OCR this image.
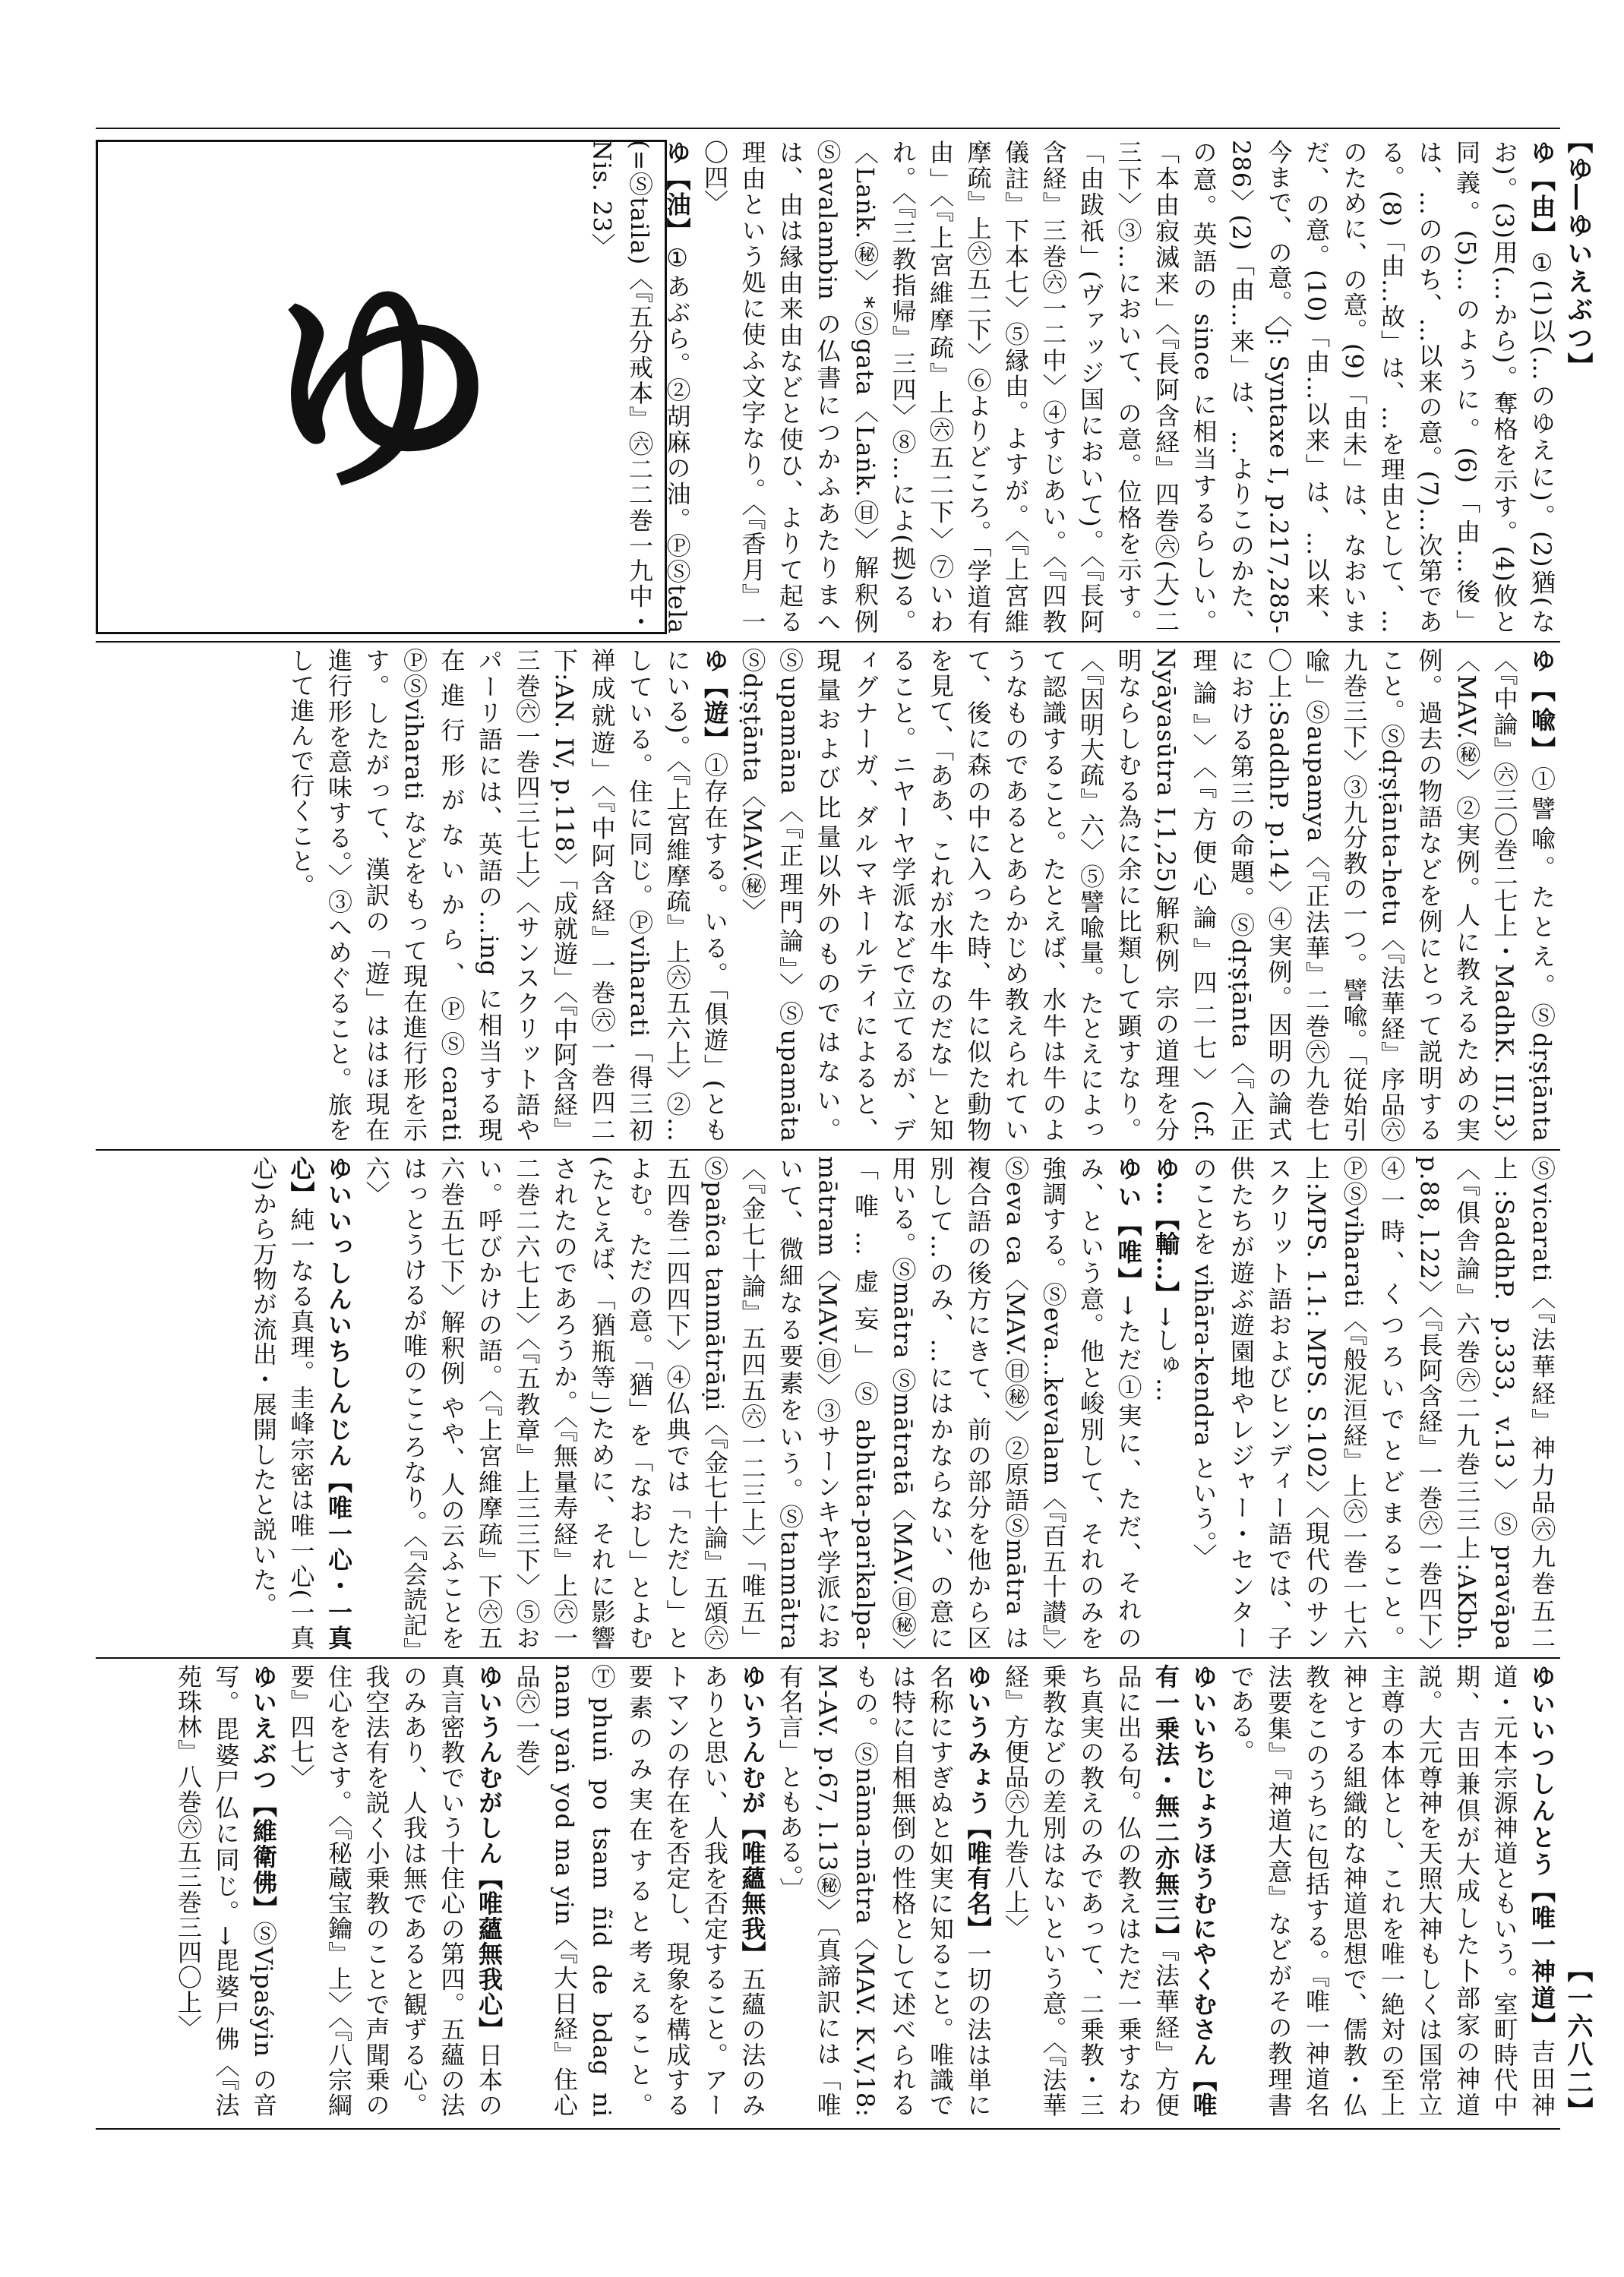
【ゆ―ゆいえぶつ】
【一六八二】

ゆ【由】①(1)以(…のゆえに)。(2)猶(なお)。(3)用(…から)。奪格を示す。(4)攸と同義。(5)…のように。(6)「由…後」は、…ののち、…以来の意。(7)…次第である。(8)「由…故」は、…を理由として、…のために、の意。(9)「由未」は、なおいまだ、の意。(10)「由…以来」は、…以来、今まで、の意。〈J: Syntaxe I, p.217,285-286〉(2)「由…来」は、…よりこのかた、の意。英語の since に相当するらしい。「本由寂滅来」〈『長阿含経』四巻㊅(大)二三下〉③…において、の意。位格を示す。「由跋祇」(ヴァッジ国において)。〈『長阿含経』三巻㊅一二中〉④すじあい。〈『四教儀註』下本七〉⑤縁由。よすが。〈『上宮維摩疏』上㊅五二下〉⑥よりどころ。「学道有由」〈『上宮維摩疏』上㊅五二下〉⑦いわれ。〈『三教指帰』三四〉⑧…によ(拠)る。〈Laṅk.㊙〉*Ⓢgata〈Laṅk.㊐〉解釈例 Ⓢavalambin の仏書につかふあたりまへは、由は縁由来由などと使ひ、よりて起る理由という処に使ふ文字なり。〈『香月』一〇四〉

ゆ【油】①あぶら。②胡麻の油。ⓅⓈtela (=Ⓢtaila)〈『五分戒本』㊅二二巻一九中・Nis. 23〉

ゆ

ゆ【喩】①譬喩。たとえ。Ⓢdṛṣṭānta〈『中論』㊅三〇巻二七上・MadhK. III,3〉〈MAV.㊙〉②実例。人に教えるための実例。過去の物語などを例にとって説明すること。Ⓢdṛṣṭānta-hetu〈『法華経』序品㊅九巻三下〉③九分教の一つ。譬喩。「従始引喩」Ⓢaupamya〈『正法華』二巻㊅九巻七〇上:SaddhP. p.14〉④実例。因明の論式における第三の命題。Ⓢdṛṣṭānta〈『入正理論』〉〈『方便心論』四二七〉(cf. Nyāyasūtra I,1,25)解釈例 宗の道理を分明ならしむる為に余に比類して顕すなり。〈『因明大疏』六〉⑤譬喩量。たとえによって認識すること。たとえば、水牛は牛のようなものであるとあらかじめ教えられていて、後に森の中に入った時、牛に似た動物を見て、「ああ、これが水牛なのだな」と知ること。ニヤーヤ学派などで立てるが、ディグナーガ、ダルマキールティによると、現量および比量以外のものではない。Ⓢupamāna〈『正理門論』〉Ⓢupamāta Ⓢdṛṣṭānta〈MAV.㊙〉

ゆ【遊】①存在する。いる。「俱遊」(ともにいる)。〈『上宮維摩疏』上㊅五六上〉②…している。住に同じ。Ⓟviharati「得三初禅成就遊」〈『中阿含経』一巻㊅一巻四二下:AN. IV, p.118〉「成就遊」〈『中阿含経』三巻㊅一巻四三七上〉〈サンスクリット語やパーリ語には、英語の…ing に相当する現在進行形がないから、ⓅⓈcarati ⓅⓈviharati などをもって現在進行形を示す。したがって、漢訳の「遊」ははほ現在進行形を意味する。〉③へめぐること。旅をして進んで行くこと。

Ⓢvicarati〈『法華経』神力品㊅九巻五二上:SaddhP. p.333, v.13〉Ⓢpravāpa〈『俱舎論』六巻㊅二九巻三三上:AKbh. p.88, l.22〉〈『長阿含経』一巻㊅一巻四下〉④一時、くつろいでとどまること。ⓅⓈviharati〈『般泥洹経』上㊅一巻一七六上:MPS. 1.1: MPS. S.102〉〈現代のサンスクリット語およびヒンディー語では、子供たちが遊ぶ遊園地やレジャー・センターのことを vihāra-kendra という。〉

ゆ…【輸…】→しゅ…

ゆい【唯】→ただ①実に、ただ、それのみ、という意。他と峻別して、それのみを強調する。Ⓢeva…kevalam〈『百五十讃』〉Ⓢeva ca〈MAV.㊐㊙〉②原語Ⓢmātra は複合語の後方にきて、前の部分を他から区別して…のみ、…にはかならない、の意に用いる。Ⓢmātra Ⓢmātratā〈MAV.㊐㊙〉「唯…虚妄」Ⓢabhūta-parikalpa-mātram〈MAV.㊐〉③サーンキヤ学派において、微細なる要素をいう。Ⓢtanmātra〈『金七十論』五四五㊅一二三上〉「唯五」Ⓢpañca tanmātrāṇi〈『金七十論』五頌㊅五四巻二四四下〉④仏典では「ただし」とよむ。ただの意。「猶」を「なおし」とよむ(たとえば、「猶瓶等」)ために、それに影響されたのであろうか。〈『無量寿経』上㊅一二巻二六七上〉〈『五教章』上三三下〉⑤おい。呼びかけの語。〈『上宮維摩疏』下㊅五六巻五七下〉解釈例 やや、人の云ふことをはっとうけるが唯のこころなり。〈『会読記』六〉

ゆいいっしんいちしんじん【唯一心・一真心】純一なる真理。圭峰宗密は唯一心(一真心)から万物が流出・展開したと説いた。

ゆいいつしんとう【唯一神道】吉田神道・元本宗源神道ともいう。室町時代中期、吉田兼倶が大成した卜部家の神道説。大元尊神を天照大神もしくは国常立主尊の本体とし、これを唯一絶対の至上神とする組織的な神道思想で、儒教・仏教をこのうちに包括する。『唯一神道名法要集』『神道大意』などがその教理書である。

ゆいいちじょうほうむにやくむさん【唯有一乗法・無二亦無三】『法華経』方便品に出る句。仏の教えはただ一乗すなわち真実の教えのみであって、二乗教・三乗教などの差別はないという意。〈『法華経』方便品㊅九巻八上〉

ゆいうみょう【唯有名】一切の法は単に名称にすぎぬと如実に知ること。唯識では特に自相無倒の性格として述べられるもの。Ⓢnāma-mātra〈MAV. K.V,18: M-AV. p.67, l.13㊙〉〔真諦訳には「唯有名言」ともある。〕

ゆいうんむが【唯蘊無我】五蘊の法のみありと思い、人我を否定すること。アートマンの存在を否定し、現象を構成する要素のみ実在すると考えること。Ⓣphuṅ po tsam ñid de bdag ni nam yaṅ yod ma yin〈『大日経』住心品㊅一巻〉

ゆいうんむがしん【唯蘊無我心】日本の真言密教でいう十住心の第四。五蘊の法のみあり、人我は無であると観ずる心。我空法有を説く小乗教のことで声聞乗の住心をさす。〈『秘蔵宝鑰』上〉〈『八宗綱要』四七〉

ゆいえぶつ【維衛佛】ⓈVipaśyin の音写。毘婆尸仏に同じ。→毘婆尸佛〈『法苑珠林』八巻㊅五三巻三四〇上〉
